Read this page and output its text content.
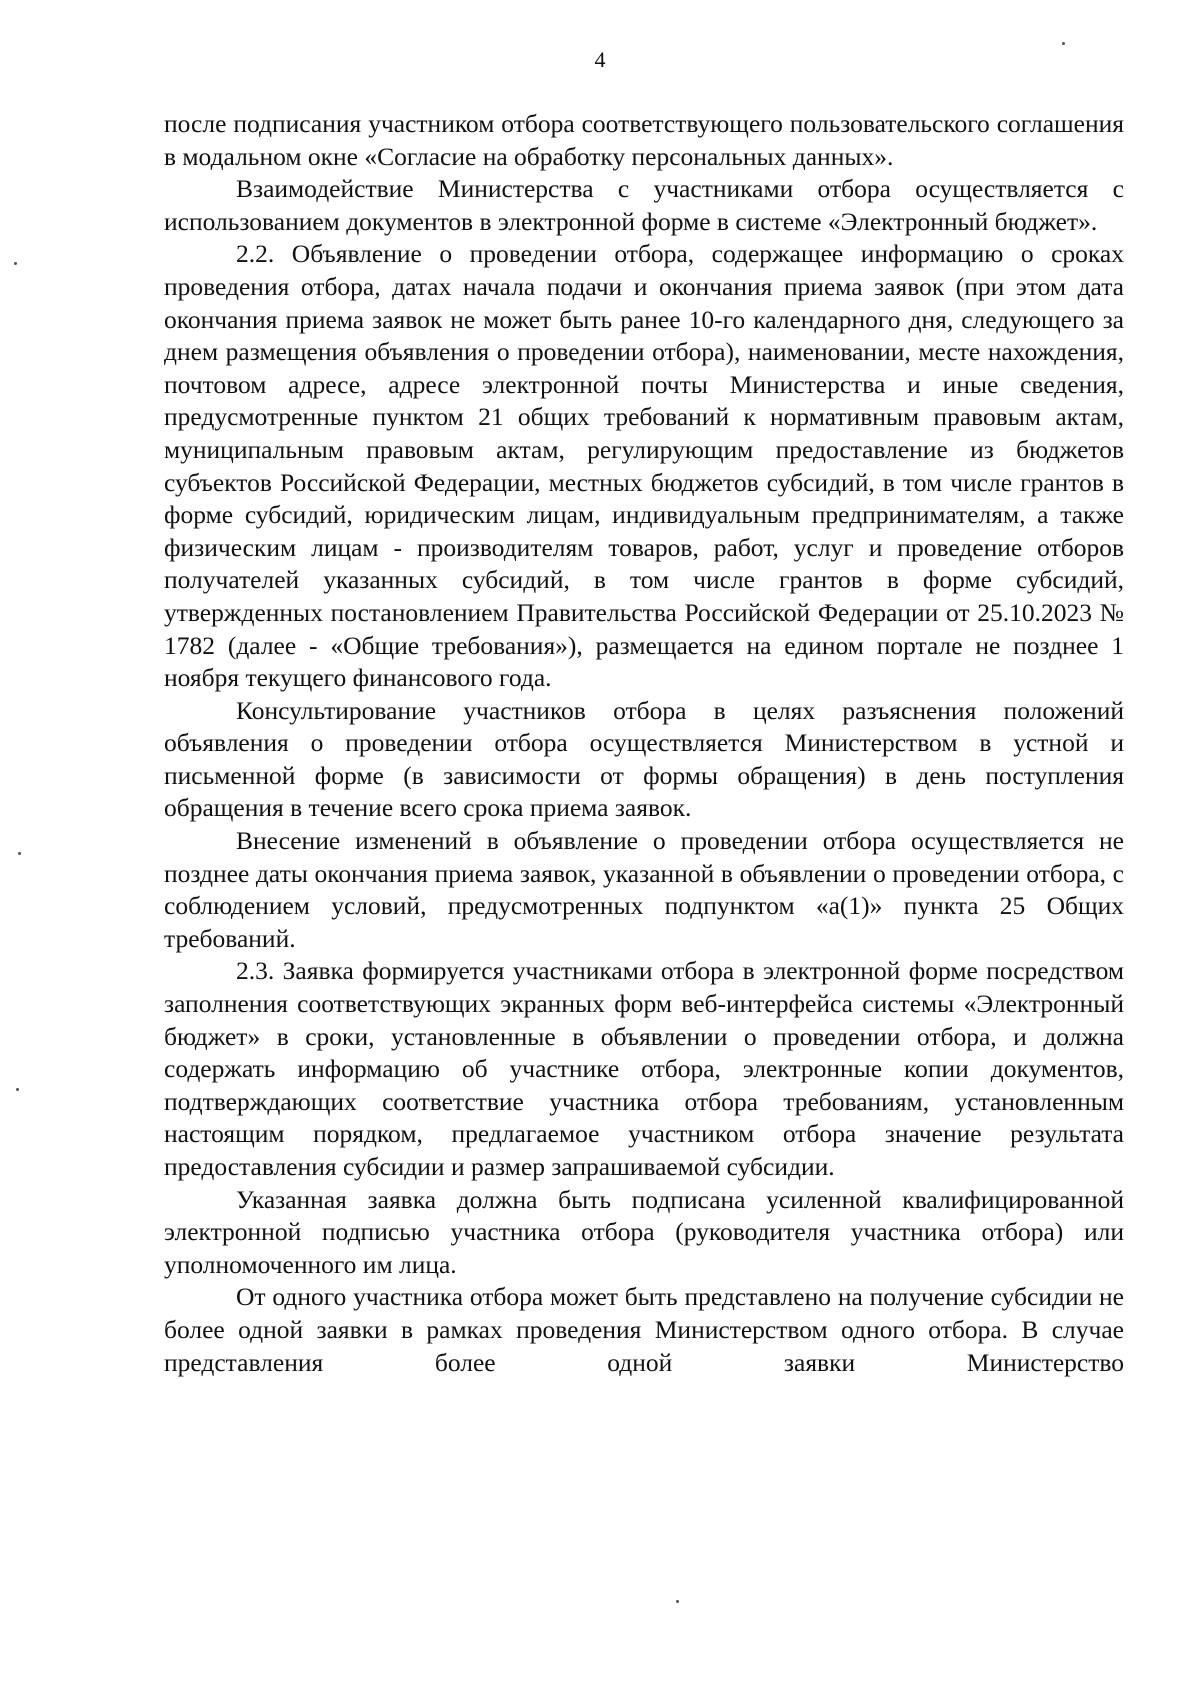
4

после подписания участником отбора соответствующего пользовательского соглашения в модальном окне «Согласие на обработку персональных данных».

Взаимодействие Министерства с участниками отбора осуществляется с использованием документов в электронной форме в системе «Электронный бюджет».

2.2. Объявление о проведении отбора, содержащее информацию о сроках проведения отбора, датах начала подачи и окончания приема заявок (при этом дата окончания приема заявок не может быть ранее 10-го календарного дня, следующего за днем размещения объявления о проведении отбора), наименовании, месте нахождения, почтовом адресе, адресе электронной почты Министерства и иные сведения, предусмотренные пунктом 21 общих требований к нормативным правовым актам, муниципальным правовым актам, регулирующим предоставление из бюджетов субъектов Российской Федерации, местных бюджетов субсидий, в том числе грантов в форме субсидий, юридическим лицам, индивидуальным предпринимателям, а также физическим лицам - производителям товаров, работ, услуг и проведение отборов получателей указанных субсидий, в том числе грантов в форме субсидий, утвержденных постановлением Правительства Российской Федерации от 25.10.2023 № 1782 (далее - «Общие требования»), размещается на едином портале не позднее 1 ноября текущего финансового года.

Консультирование участников отбора в целях разъяснения положений объявления о проведении отбора осуществляется Министерством в устной и письменной форме (в зависимости от формы обращения) в день поступления обращения в течение всего срока приема заявок.

Внесение изменений в объявление о проведении отбора осуществляется не позднее даты окончания приема заявок, указанной в объявлении о проведении отбора, с соблюдением условий, предусмотренных подпунктом «а(1)» пункта 25 Общих требований.

2.3. Заявка формируется участниками отбора в электронной форме посредством заполнения соответствующих экранных форм веб-интерфейса системы «Электронный бюджет» в сроки, установленные в объявлении о проведении отбора, и должна содержать информацию об участнике отбора, электронные копии документов, подтверждающих соответствие участника отбора требованиям, установленным настоящим порядком, предлагаемое участником отбора значение результата предоставления субсидии и размер запрашиваемой субсидии.

Указанная заявка должна быть подписана усиленной квалифицированной электронной подписью участника отбора (руководителя участника отбора) или уполномоченного им лица.

От одного участника отбора может быть представлено на получение субсидии не более одной заявки в рамках проведения Министерством одного отбора. В случае представления более одной заявки Министерство
